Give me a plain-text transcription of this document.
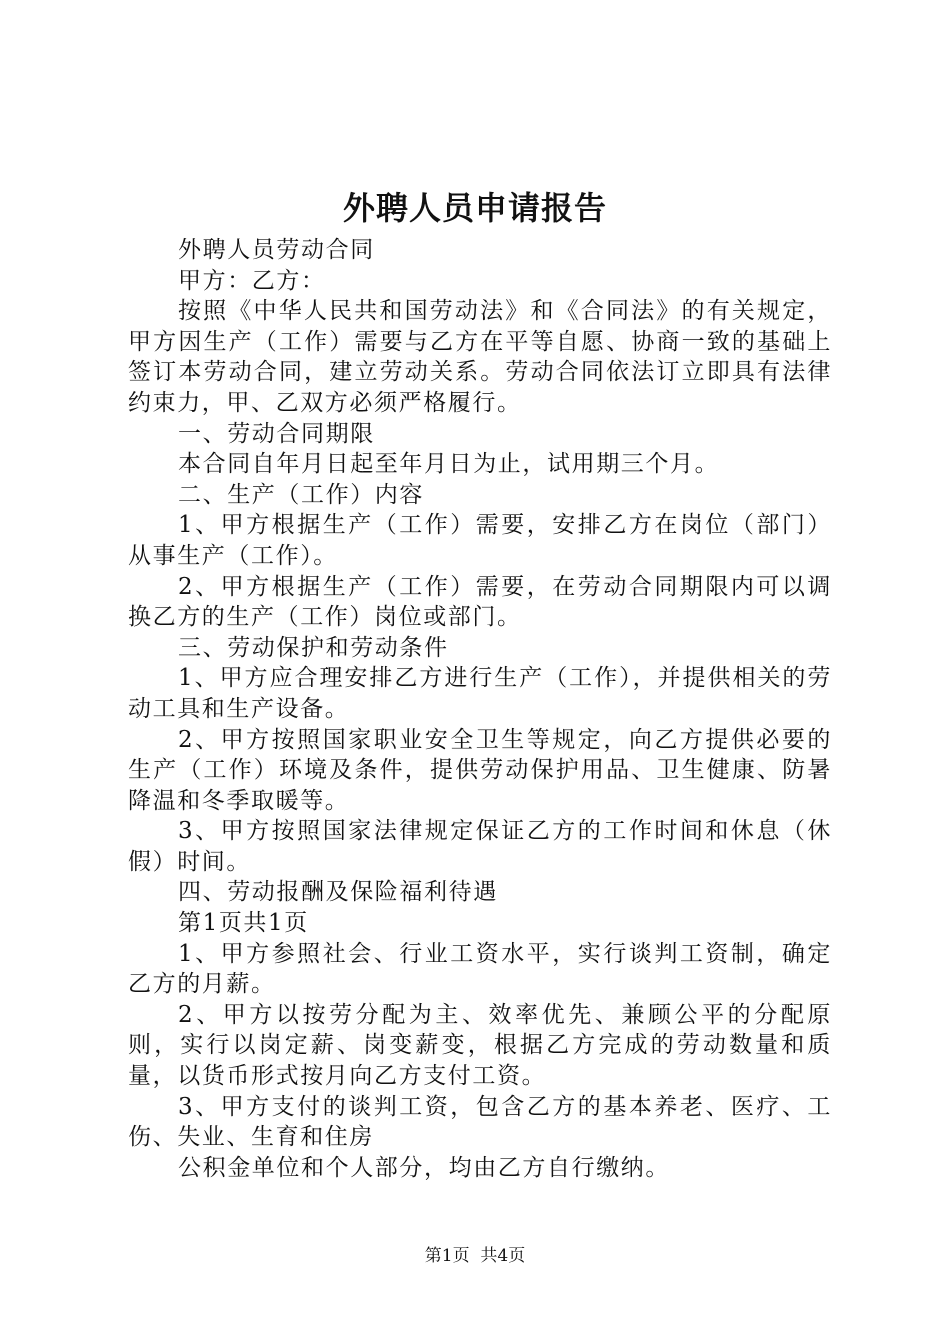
外聘人员申请报告

外聘人员劳动合同

甲方：乙方：

按照《中华人民共和国劳动法》和《合同法》的有关规定，甲方因生产（工作）需要与乙方在平等自愿、协商一致的基础上签订本劳动合同，建立劳动关系。劳动合同依法订立即具有法律约束力，甲、乙双方必须严格履行。

一、劳动合同期限

本合同自年月日起至年月日为止，试用期三个月。

二、生产（工作）内容

1、甲方根据生产（工作）需要，安排乙方在岗位（部门）从事生产（工作）。

2、甲方根据生产（工作）需要，在劳动合同期限内可以调换乙方的生产（工作）岗位或部门。

三、劳动保护和劳动条件

1、甲方应合理安排乙方进行生产（工作），并提供相关的劳动工具和生产设备。

2、甲方按照国家职业安全卫生等规定，向乙方提供必要的生产（工作）环境及条件，提供劳动保护用品、卫生健康、防暑降温和冬季取暖等。

3、甲方按照国家法律规定保证乙方的工作时间和休息（休假）时间。

四、劳动报酬及保险福利待遇

第1页共1页

1、甲方参照社会、行业工资水平，实行谈判工资制，确定乙方的月薪。

2、甲方以按劳分配为主、效率优先、兼顾公平的分配原则，实行以岗定薪、岗变薪变，根据乙方完成的劳动数量和质量，以货币形式按月向乙方支付工资。

3、甲方支付的谈判工资，包含乙方的基本养老、医疗、工伤、失业、生育和住房

公积金单位和个人部分，均由乙方自行缴纳。

第1页  共4页
